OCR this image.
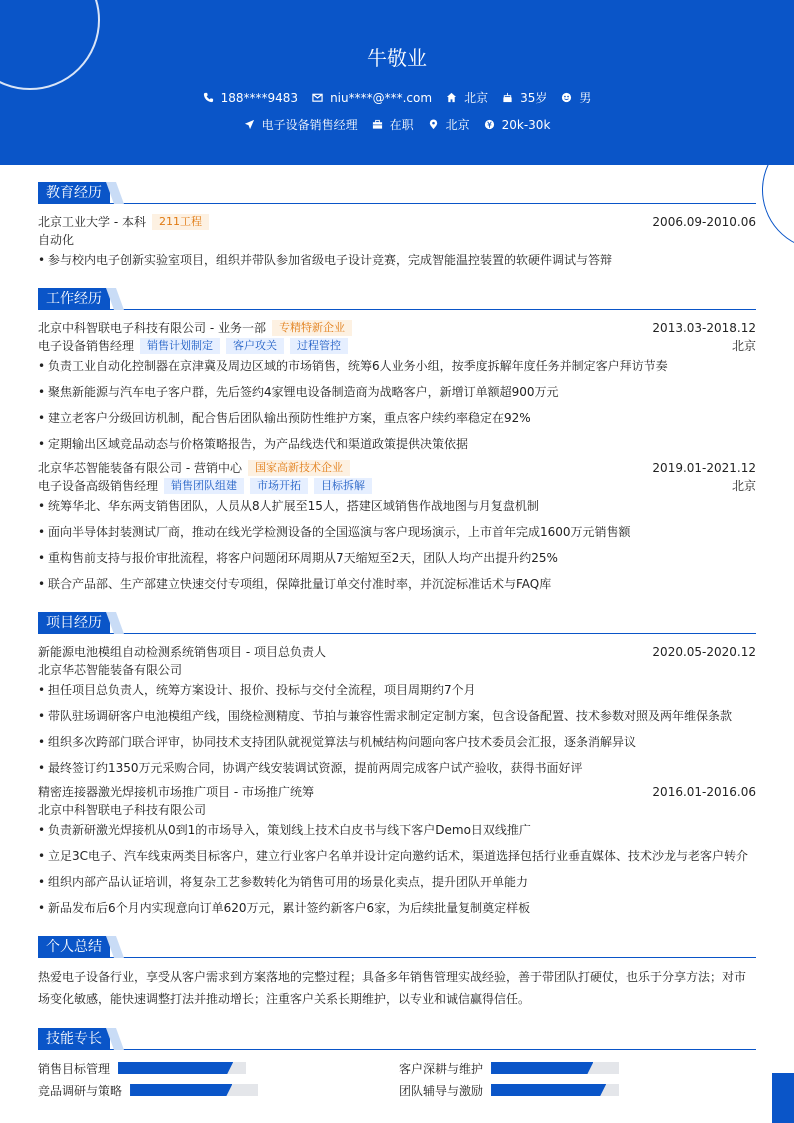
牛敬业
188****9483	niu****@***.com	北京	35岁	男
电子设备销售经理	在职	北京	20k-30k
教育经历
北京工业大学 - 本科	211工程	2006.09-2010.06
自动化
• 参与校内电子创新实验室项目，组织并带队参加省级电子设计竞赛，完成智能温控装置的软硬件调试与答辩
工作经历
北京中科智联电子科技有限公司 - 业务一部	专精特新企业	2013.03-2018.12
电子设备销售经理	销售计划制定	客户攻关	过程管控	北京
• 负责工业自动化控制器在京津冀及周边区域的市场销售，统筹6人业务小组，按季度拆解年度任务并制定客户拜访节奏
• 聚焦新能源与汽车电子客户群，先后签约4家锂电设备制造商为战略客户，新增订单额超900万元
• 建立老客户分级回访机制，配合售后团队输出预防性维护方案，重点客户续约率稳定在92%
• 定期输出区域竞品动态与价格策略报告，为产品线迭代和渠道政策提供决策依据
北京华芯智能装备有限公司 - 营销中心	国家高新技术企业	2019.01-2021.12
电子设备高级销售经理	销售团队组建	市场开拓	目标拆解	北京
• 统筹华北、华东两支销售团队，人员从8人扩展至15人，搭建区域销售作战地图与月复盘机制
• 面向半导体封装测试厂商，推动在线光学检测设备的全国巡演与客户现场演示，上市首年完成1600万元销售额
• 重构售前支持与报价审批流程，将客户问题闭环周期从7天缩短至2天，团队人均产出提升约25%
• 联合产品部、生产部建立快速交付专项组，保障批量订单交付准时率，并沉淀标准话术与FAQ库
项目经历
新能源电池模组自动检测系统销售项目 - 项目总负责人	2020.05-2020.12
北京华芯智能装备有限公司
• 担任项目总负责人，统筹方案设计、报价、投标与交付全流程，项目周期约7个月
• 带队驻场调研客户电池模组产线，围绕检测精度、节拍与兼容性需求制定定制方案，包含设备配置、技术参数对照及两年维保条款
• 组织多次跨部门联合评审，协同技术支持团队就视觉算法与机械结构问题向客户技术委员会汇报，逐条消解异议
• 最终签订约1350万元采购合同，协调产线安装调试资源，提前两周完成客户试产验收，获得书面好评
精密连接器激光焊接机市场推广项目 - 市场推广统筹	2016.01-2016.06
北京中科智联电子科技有限公司
• 负责新研激光焊接机从0到1的市场导入，策划线上技术白皮书与线下客户Demo日双线推广
• 立足3C电子、汽车线束两类目标客户，建立行业客户名单并设计定向邀约话术，渠道选择包括行业垂直媒体、技术沙龙与老客户转介
• 组织内部产品认证培训，将复杂工艺参数转化为销售可用的场景化卖点，提升团队开单能力
• 新品发布后6个月内实现意向订单620万元，累计签约新客户6家，为后续批量复制奠定样板
个人总结
热爱电子设备行业，享受从客户需求到方案落地的完整过程；具备多年销售管理实战经验，善于带团队打硬仗，也乐于分享方法；对市
场变化敏感，能快速调整打法并推动增长；注重客户关系长期维护，以专业和诚信赢得信任。
技能专长
销售目标管理	客户深耕与维护
竞品调研与策略	团队辅导与激励
